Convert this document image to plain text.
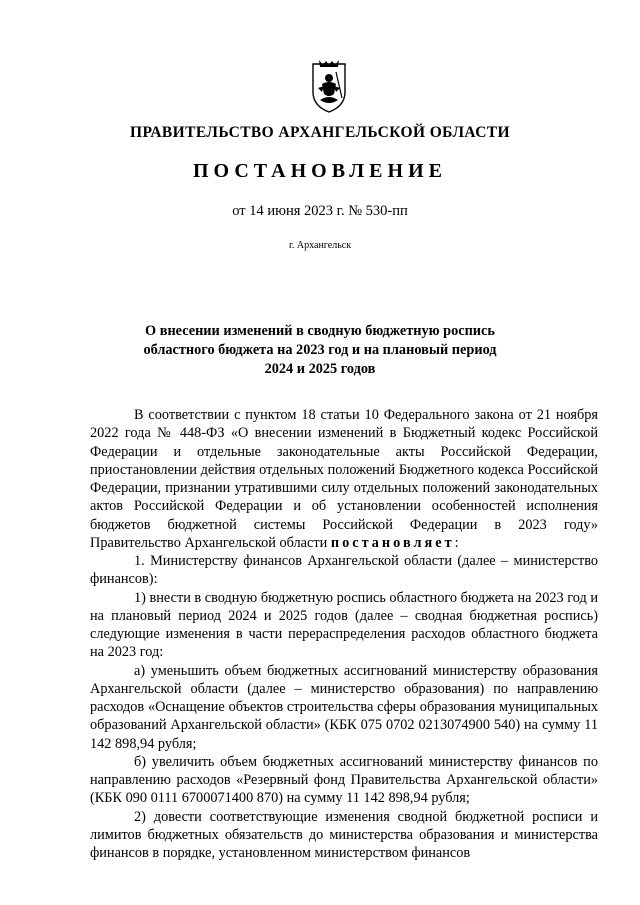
ПРАВИТЕЛЬСТВО АРХАНГЕЛЬСКОЙ ОБЛАСТИ
ПОСТАНОВЛЕНИЕ
от 14 июня 2023 г. № 530-пп
г. Архангельск
О внесении изменений в сводную бюджетную роспись
областного бюджета на 2023 год и на плановый период
2024 и 2025 годов

В соответствии с пунктом 18 статьи 10 Федерального закона от 21 ноября 2022 года № 448-ФЗ «О внесении изменений в Бюджетный кодекс Российской Федерации и отдельные законодательные акты Российской Федерации, приостановлении действия отдельных положений Бюджетного кодекса Российской Федерации, признании утратившими силу отдельных положений законодательных актов Российской Федерации и об установлении особенностей исполнения бюджетов бюджетной системы Российской Федерации в 2023 году» Правительство Архангельской области постановляет:

1. Министерству финансов Архангельской области (далее – министерство финансов):

1) внести в сводную бюджетную роспись областного бюджета на 2023 год и на плановый период 2024 и 2025 годов (далее – сводная бюджетная роспись) следующие изменения в части перераспределения расходов областного бюджета на 2023 год:

а) уменьшить объем бюджетных ассигнований министерству образования Архангельской области (далее – министерство образования) по направлению расходов «Оснащение объектов строительства сферы образования муниципальных образований Архангельской области» (КБК 075 0702 0213074900 540) на сумму 11 142 898,94 рубля;

б) увеличить объем бюджетных ассигнований министерству финансов по направлению расходов «Резервный фонд Правительства Архангельской области» (КБК 090 0111 6700071400 870) на сумму 11 142 898,94 рубля;

2) довести соответствующие изменения сводной бюджетной росписи и лимитов бюджетных обязательств до министерства образования и министерства финансов в порядке, установленном министерством финансов
